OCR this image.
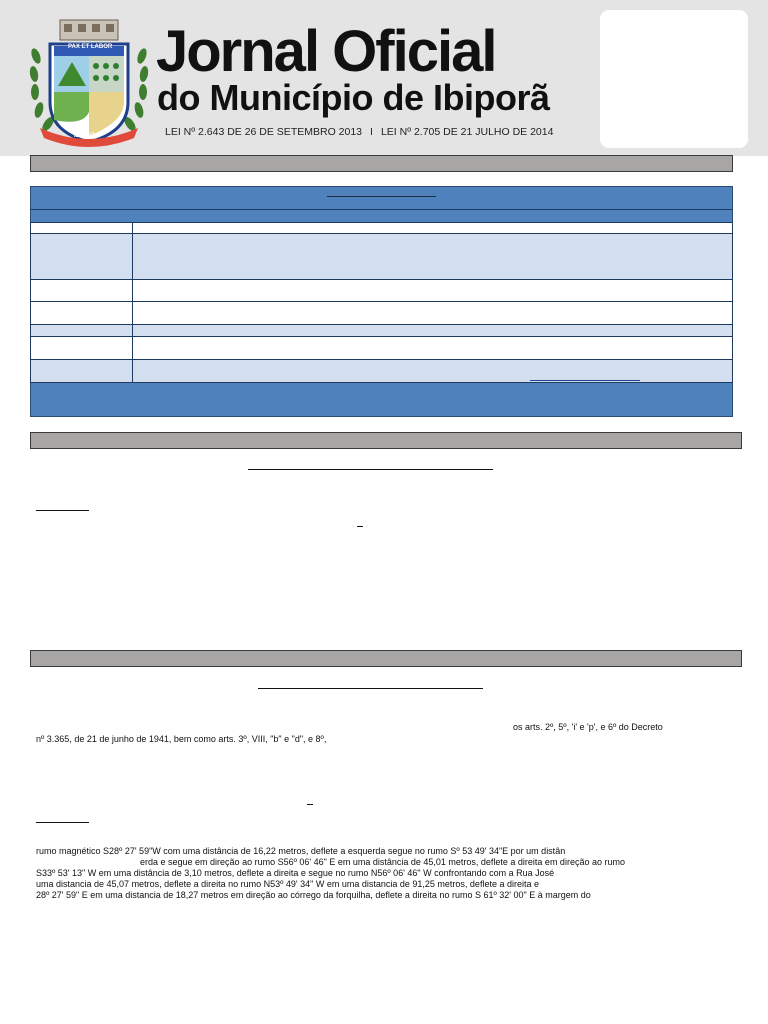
PAX ET LABOR
IBIPORÃ
Jornal Oficial
do Município de Ibiporã
LEI Nº 2.643 DE 26 DE SETEMBRO 2013 I LEI Nº 2.705 DE 21 JULHO DE 2014
os arts. 2º, 5º, 'i' e 'p', e 6º do Decreto
nº 3.365, de 21 de junho de 1941, bem como arts. 3º, VIII, "b" e "d", e 8º,
rumo magnético S28º 27' 59"W com uma distância de 16,22 metros, deflete a esquerda segue no rumo Sº 53 49' 34"E por um distân
erda e segue em direção ao rumo S56º 06' 46" E em uma distância de 45,01 metros, deflete a direita em direção ao rumo
S33º 53' 13" W em uma distância de 3,10 metros, deflete a direita e segue no rumo N56º 06' 46" W confrontando com a Rua José
uma distancia de 45,07 metros, deflete a direita no rumo N53º 49' 34" W em uma distancia de 91,25 metros, deflete a direita e
28º 27' 59" E em uma distancia de 18,27 metros em direção ao córrego da forquilha, deflete a direita no rumo S 61º 32' 00" E à margem do
